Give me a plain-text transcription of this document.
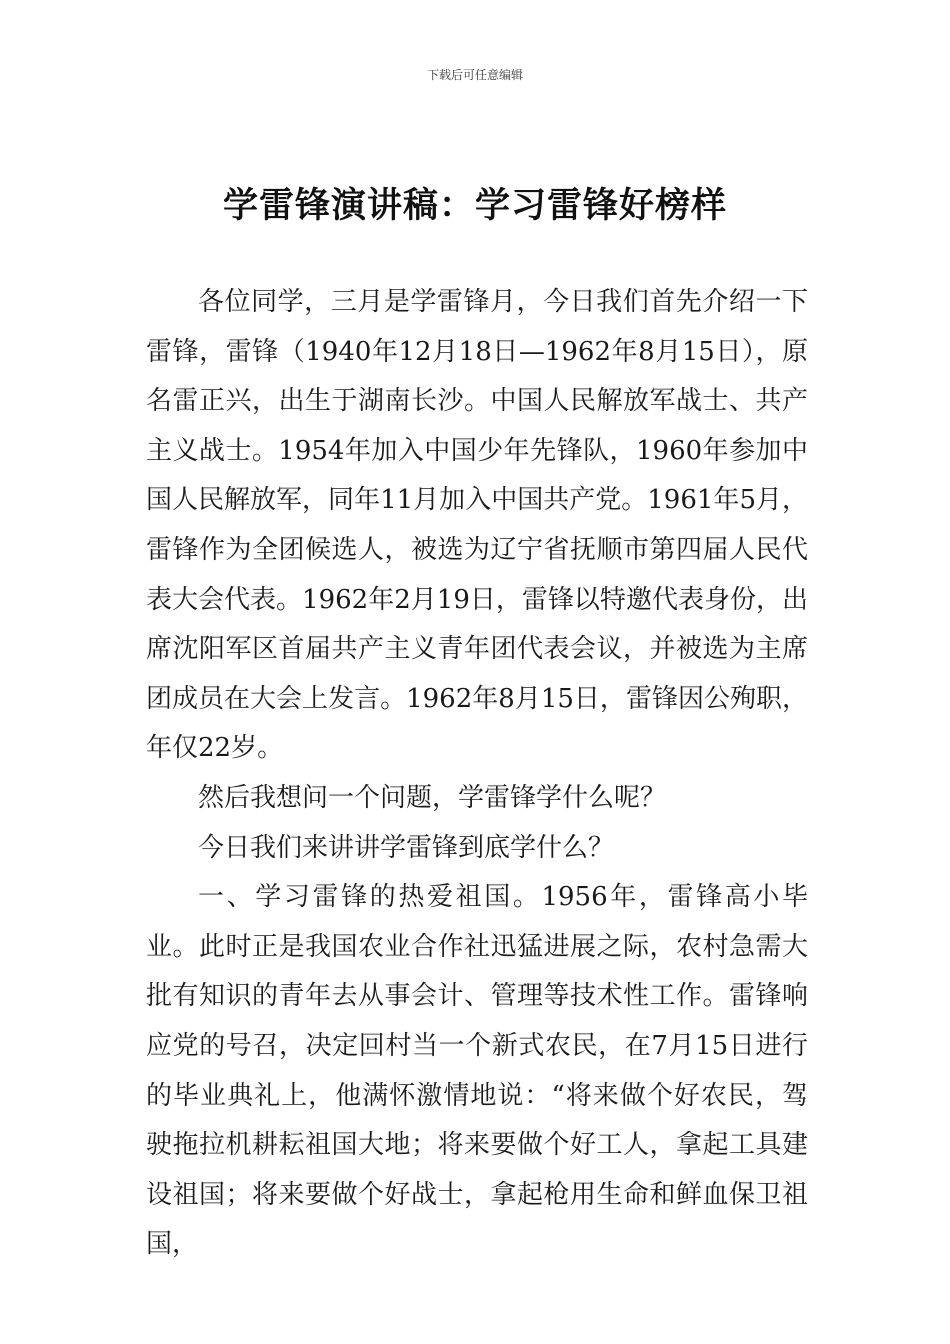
下载后可任意编辑
学雷锋演讲稿：学习雷锋好榜样

各位同学，三月是学雷锋月，今日我们首先介绍一下雷锋，雷锋（1940年12月18日—1962年8月15日），原名雷正兴，出生于湖南长沙。中国人民解放军战士、共产主义战士。1954年加入中国少年先锋队，1960年参加中国人民解放军，同年11月加入中国共产党。1961年5月，雷锋作为全团候选人，被选为辽宁省抚顺市第四届人民代表大会代表。1962年2月19日，雷锋以特邀代表身份，出席沈阳军区首届共产主义青年团代表会议，并被选为主席团成员在大会上发言。1962年8月15日，雷锋因公殉职，年仅22岁。

然后我想问一个问题，学雷锋学什么呢？

今日我们来讲讲学雷锋到底学什么？

一、学习雷锋的热爱祖国。1956年，雷锋高小毕业。此时正是我国农业合作社迅猛进展之际，农村急需大批有知识的青年去从事会计、管理等技术性工作。雷锋响应党的号召，决定回村当一个新式农民，在7月15日进行的毕业典礼上，他满怀激情地说：“将来做个好农民，驾驶拖拉机耕耘祖国大地；将来要做个好工人，拿起工具建设祖国；将来要做个好战士，拿起枪用生命和鲜血保卫祖国，
